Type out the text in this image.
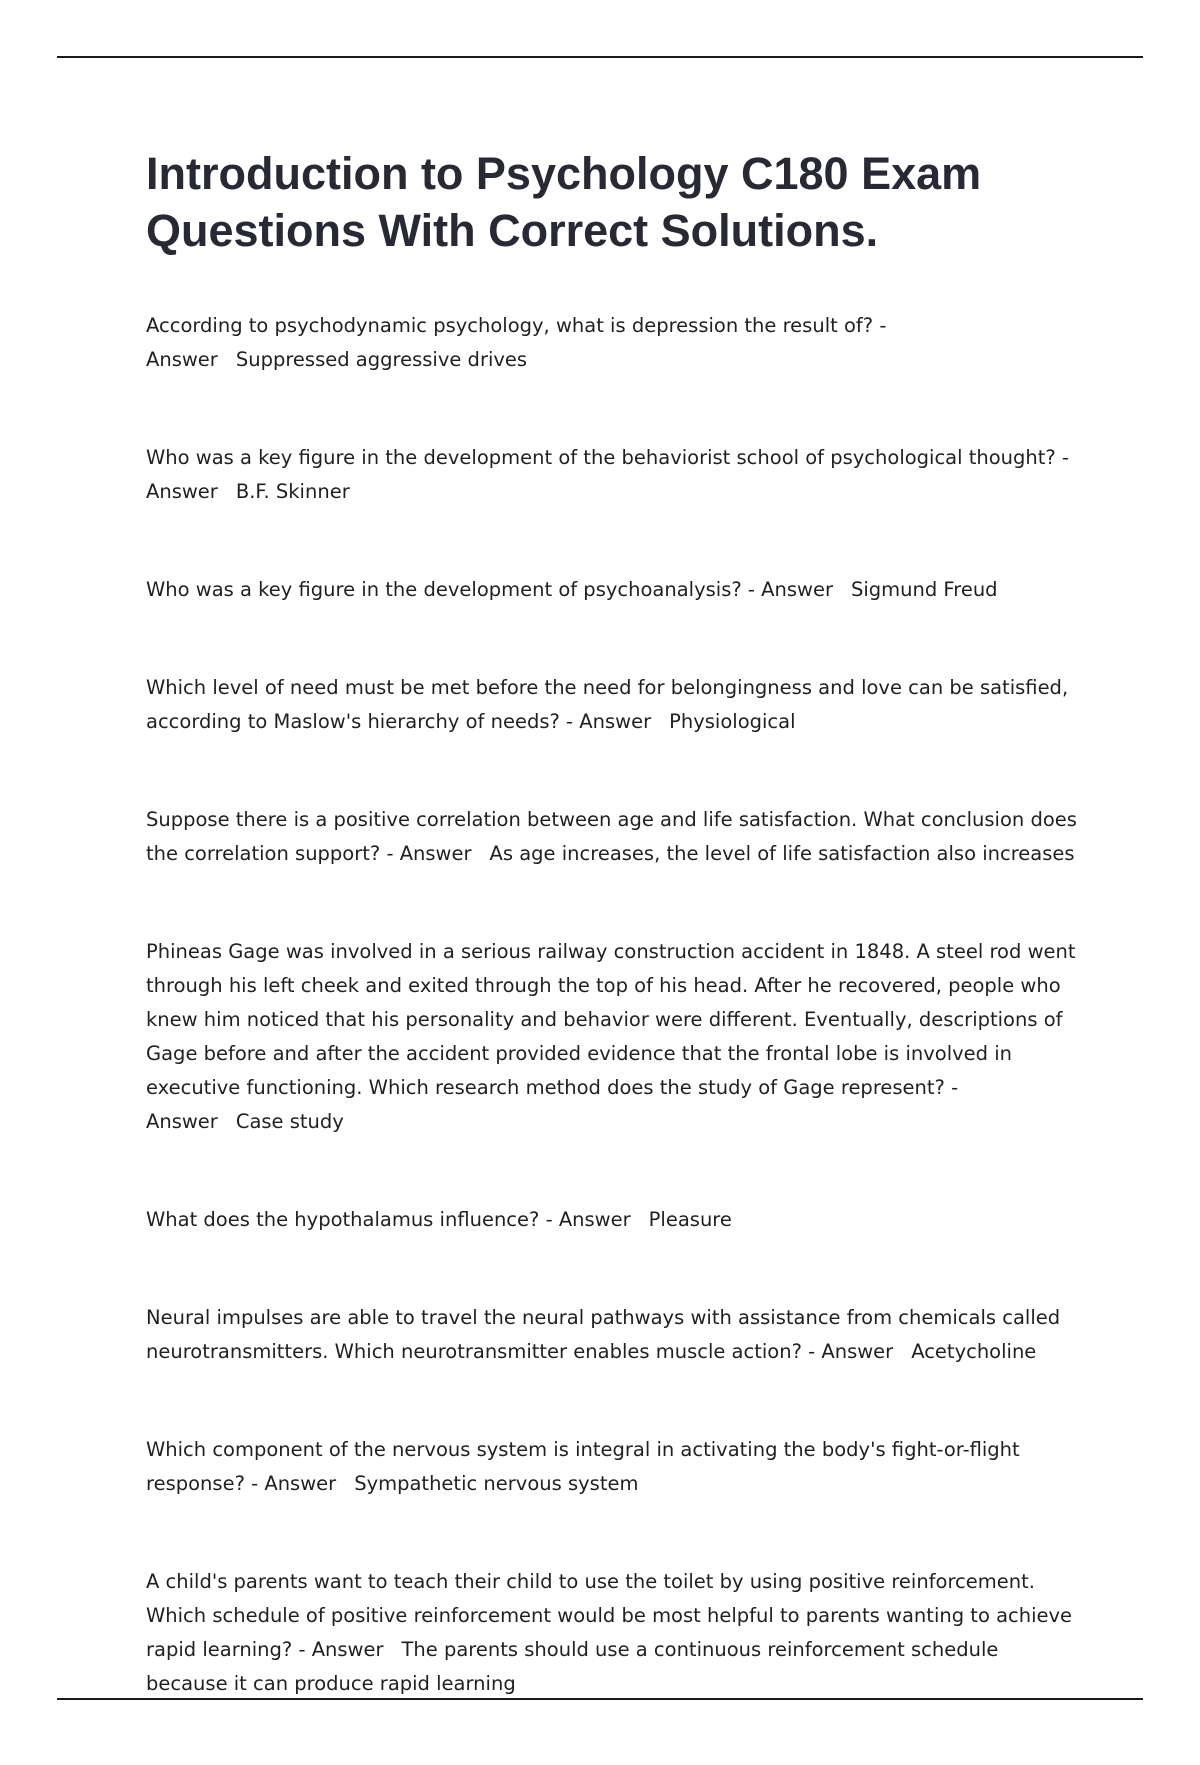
Introduction to Psychology C180 Exam Questions With Correct Solutions.

According to psychodynamic psychology, what is depression the result of? - Answer Suppressed aggressive drives

Who was a key figure in the development of the behaviorist school of psychological thought? - Answer B.F. Skinner

Who was a key figure in the development of psychoanalysis? - Answer Sigmund Freud

Which level of need must be met before the need for belongingness and love can be satisfied, according to Maslow's hierarchy of needs? - Answer Physiological

Suppose there is a positive correlation between age and life satisfaction. What conclusion does the correlation support? - Answer As age increases, the level of life satisfaction also increases

Phineas Gage was involved in a serious railway construction accident in 1848. A steel rod went through his left cheek and exited through the top of his head. After he recovered, people who knew him noticed that his personality and behavior were different. Eventually, descriptions of Gage before and after the accident provided evidence that the frontal lobe is involved in executive functioning. Which research method does the study of Gage represent? - Answer Case study

What does the hypothalamus influence? - Answer Pleasure

Neural impulses are able to travel the neural pathways with assistance from chemicals called neurotransmitters. Which neurotransmitter enables muscle action? - Answer Acetycholine

Which component of the nervous system is integral in activating the body's fight-or-flight response? - Answer Sympathetic nervous system

A child's parents want to teach their child to use the toilet by using positive reinforcement. Which schedule of positive reinforcement would be most helpful to parents wanting to achieve rapid learning? - Answer The parents should use a continuous reinforcement schedule because it can produce rapid learning
